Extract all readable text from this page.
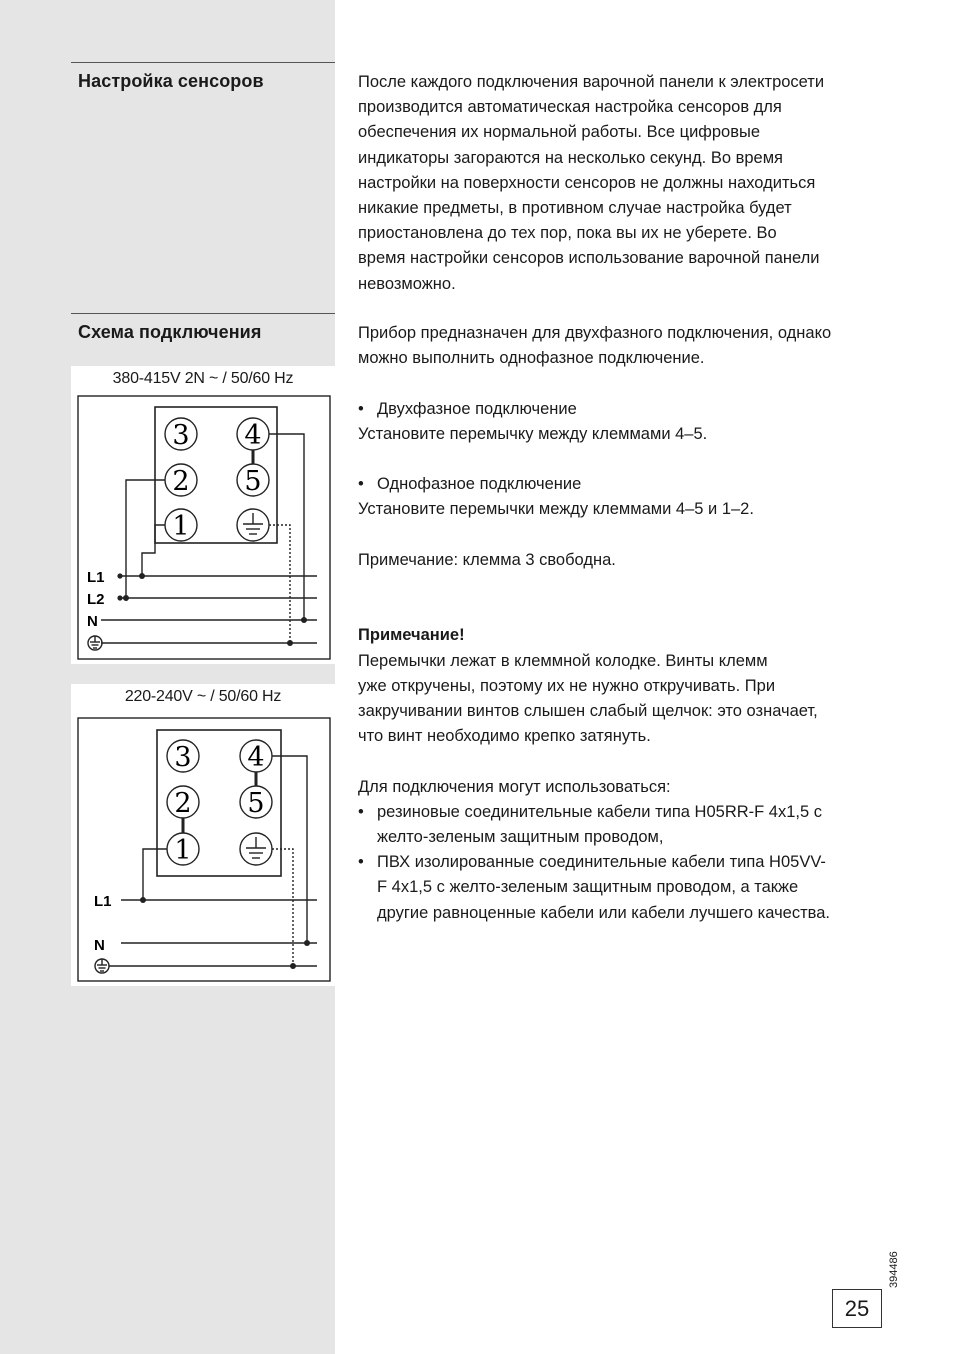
Настройка сенсоров
Схема подключения
380-415V 2N ~ / 50/60 Hz
3 4
2 5
1
L1
L2
N
220-240V ~ / 50/60 Hz
3 4
2 5
1
L1
N

После каждого подключения варочной панели к электросети

производится автоматическая настройка сенсоров для

обеспечения их нормальной работы. Все цифровые

индикаторы загораются на несколько секунд. Во время

настройки на поверхности сенсоров не должны находиться

никакие предметы, в противном случае настройка будет

приостановлена до тех пор, пока вы их не уберете. Во

время настройки сенсоров использование варочной панели

невозможно.

Прибор предназначен для двухфазного подключения, однако

можно выполнить однофазное подключение.

• Двухфазное подключение

Установите перемычку между клеммами 4–5.

• Однофазное подключение

Установите перемычки между клеммами 4–5 и 1–2.

Примечание: клемма 3 свободна.

Примечание!

Перемычки лежат в клеммной колодке. Винты клемм

уже откручены, поэтому их не нужно откручивать. При

закручивании винтов слышен слабый щелчок: это означает,

что винт необходимо крепко затянуть.

Для подключения могут использоваться:

• резиновые соединительные кабели типа H05RR-F 4x1,5 с

желто-зеленым защитным проводом,

• ПВХ изолированные соединительные кабели типа H05VV-

F 4x1,5 с желто-зеленым защитным проводом, а также

другие равноценные кабели или кабели лучшего качества.

394486
25
